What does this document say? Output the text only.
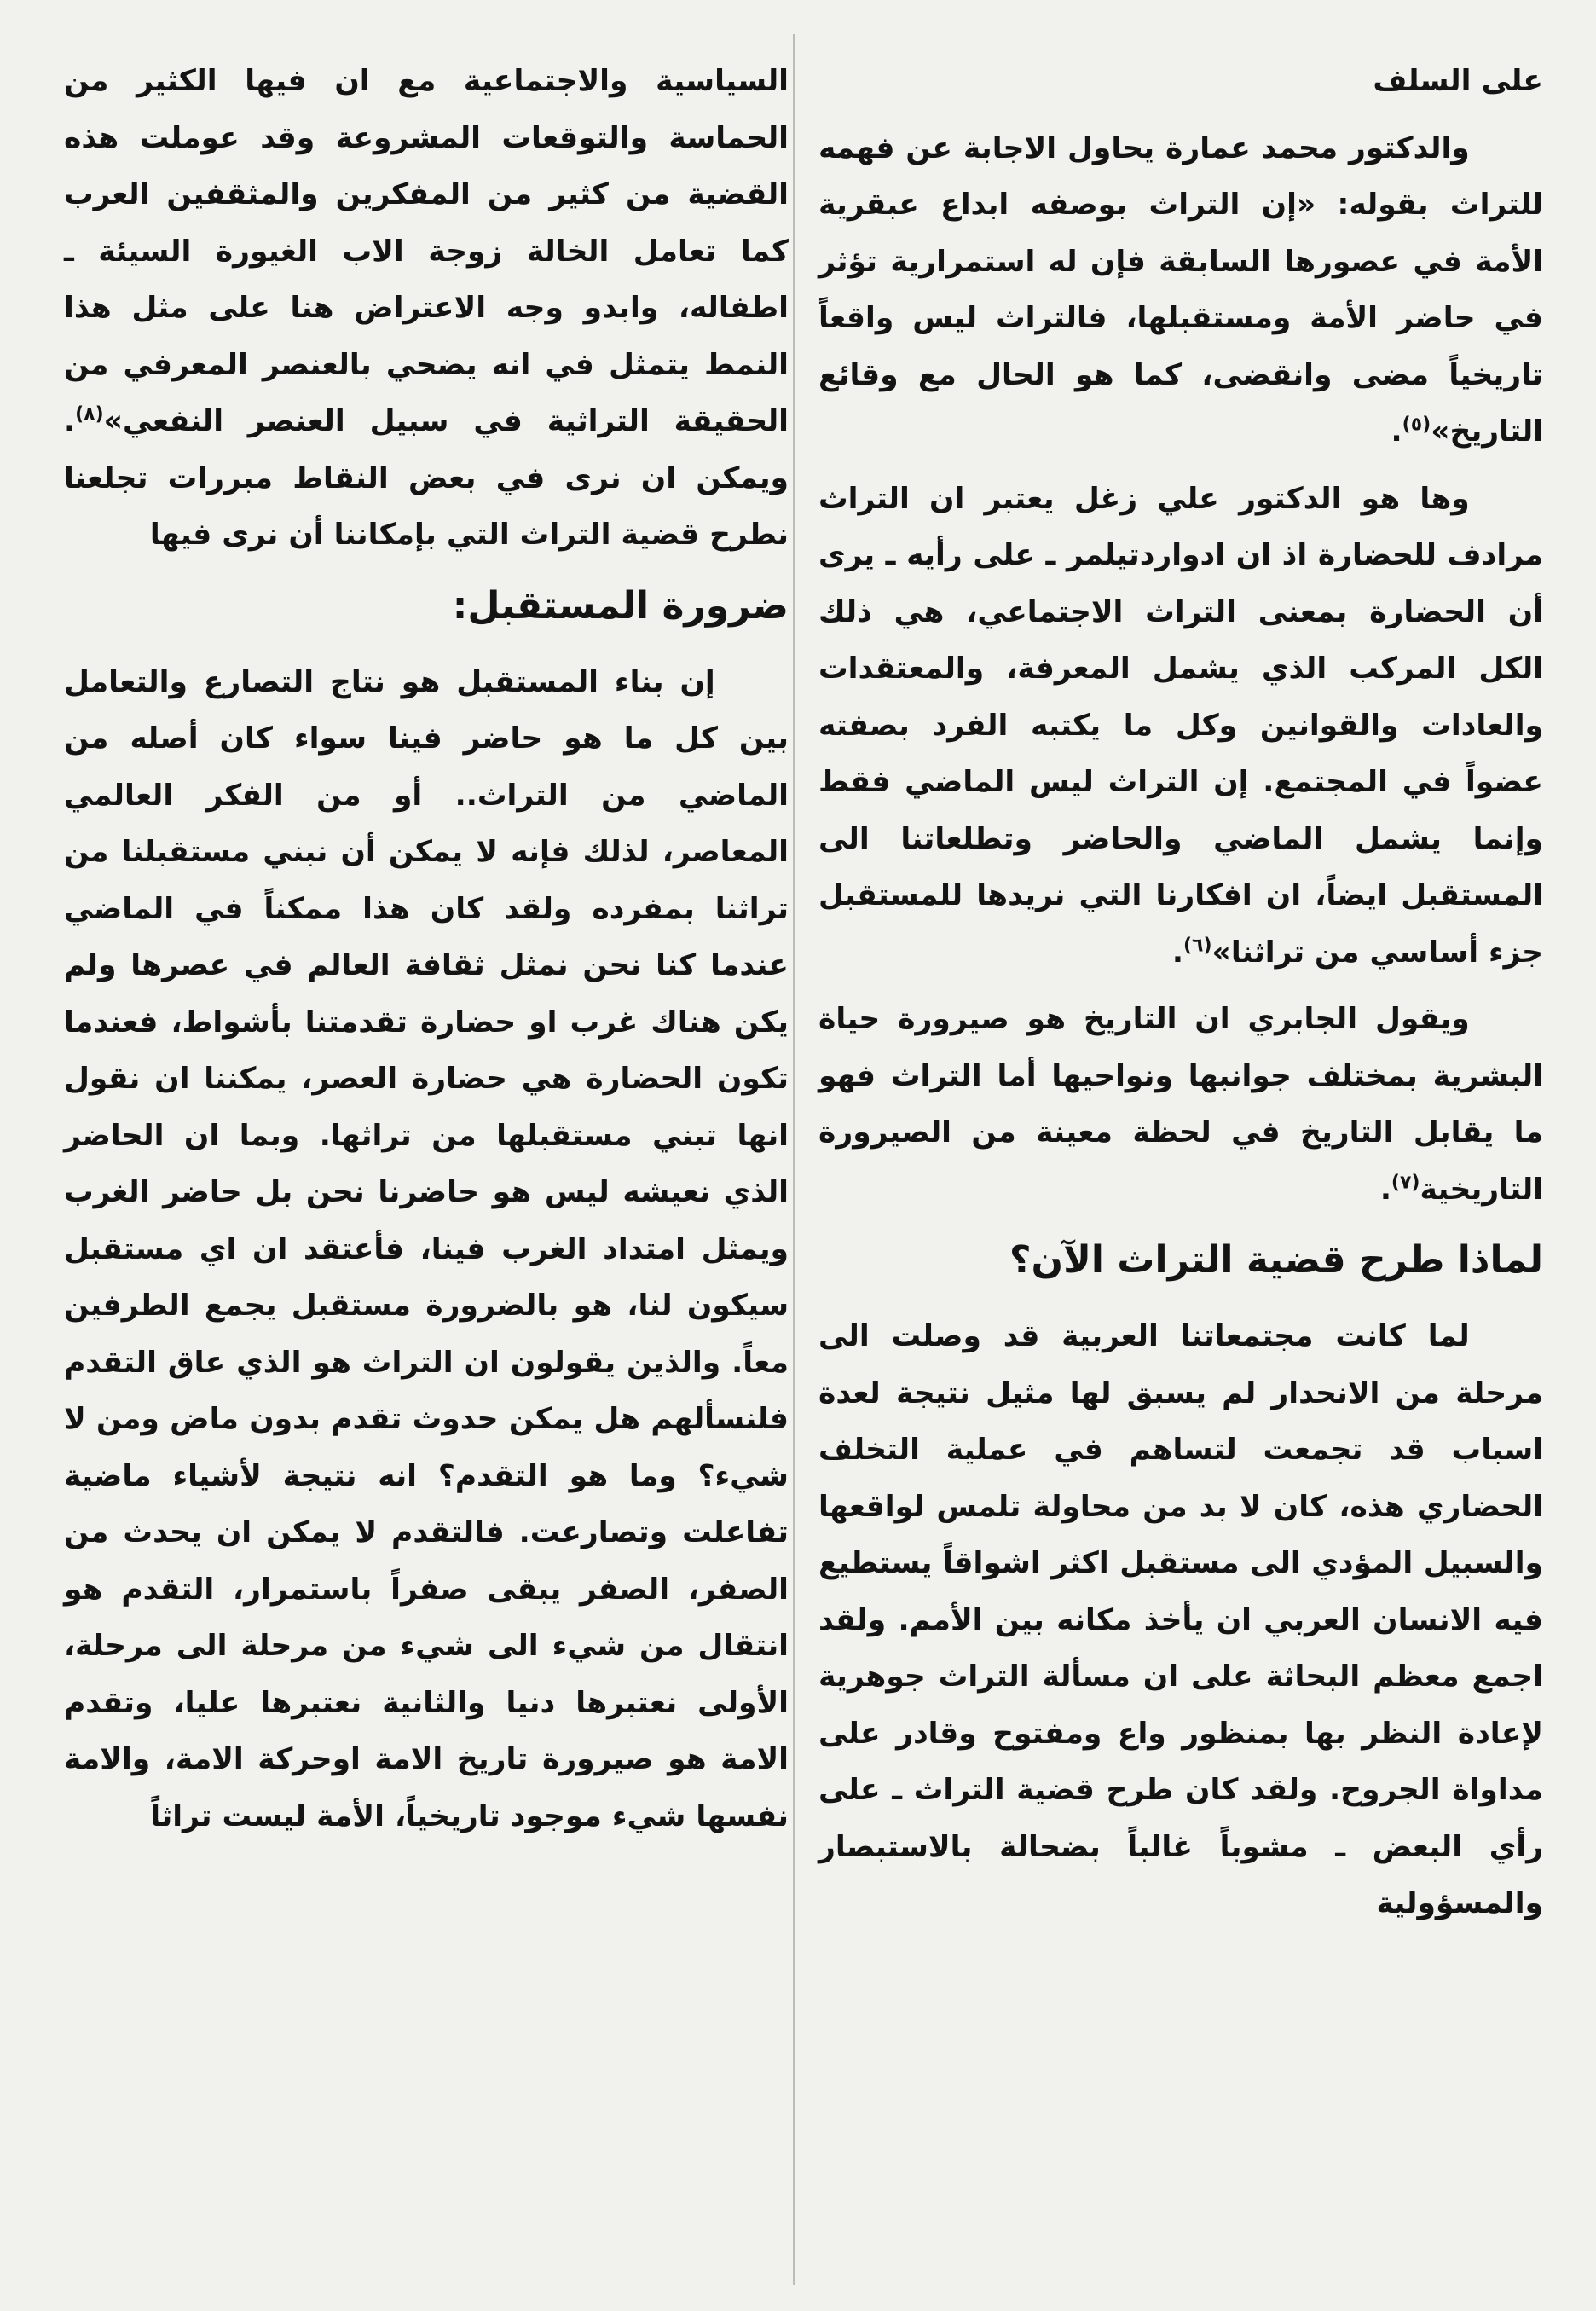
على السلف

والدكتور محمد عمارة يحاول الاجابة عن فهمه للتراث بقوله: «إن التراث بوصفه ابداع عبقرية الأمة في عصورها السابقة فإن له استمرارية تؤثر في حاضر الأمة ومستقبلها، فالتراث ليس واقعاً تاريخياً مضى وانقضى، كما هو الحال مع وقائع التاريخ»$^{(٥)}$.

وها هو الدكتور علي زغل يعتبر ان التراث مرادف للحضارة اذ ان ادواردتيلمر ـ على رأيه ـ يرى أن الحضارة بمعنى التراث الاجتماعي، هي ذلك الكل المركب الذي يشمل المعرفة، والمعتقدات والعادات والقوانين وكل ما يكتبه الفرد بصفته عضواً في المجتمع. إن التراث ليس الماضي فقط وإنما يشمل الماضي والحاضر وتطلعاتنا الى المستقبل ايضاً، ان افكارنا التي نريدها للمستقبل جزء أساسي من تراثنا»$^{(٦)}$.

ويقول الجابري ان التاريخ هو صيرورة حياة البشرية بمختلف جوانبها ونواحيها أما التراث فهو ما يقابل التاريخ في لحظة معينة من الصيرورة التاريخية$^{(٧)}$.

لماذا طرح قضية التراث الآن؟

لما كانت مجتمعاتنا العربية قد وصلت الى مرحلة من الانحدار لم يسبق لها مثيل نتيجة لعدة اسباب قد تجمعت لتساهم في عملية التخلف الحضاري هذه، كان لا بد من محاولة تلمس لواقعها والسبيل المؤدي الى مستقبل اكثر اشواقاً يستطيع فيه الانسان العربي ان يأخذ مكانه بين الأمم. ولقد اجمع معظم البحاثة على ان مسألة التراث جوهرية لإعادة النظر بها بمنظور واع ومفتوح وقادر على مداواة الجروح. ولقد كان طرح قضية التراث ـ على رأي البعض ـ مشوباً غالباً بضحالة بالاستبصار والمسؤولية

السياسية والاجتماعية مع ان فيها الكثير من الحماسة والتوقعات المشروعة وقد عوملت هذه القضية من كثير من المفكرين والمثقفين العرب كما تعامل الخالة زوجة الاب الغيورة السيئة ـ اطفاله، وابدو وجه الاعتراض هنا على مثل هذا النمط يتمثل في انه يضحي بالعنصر المعرفي من الحقيقة التراثية في سبيل العنصر النفعي»$^{(٨)}$. ويمكن ان نرى في بعض النقاط مبررات تجلعنا نطرح قضية التراث التي بإمكاننا أن نرى فيها

ضرورة المستقبل:

إن بناء المستقبل هو نتاج التصارع والتعامل بين كل ما هو حاضر فينا سواء كان أصله من الماضي من التراث.. أو من الفكر العالمي المعاصر، لذلك فإنه لا يمكن أن نبني مستقبلنا من تراثنا بمفرده ولقد كان هذا ممكناً في الماضي عندما كنا نحن نمثل ثقافة العالم في عصرها ولم يكن هناك غرب او حضارة تقدمتنا بأشواط، فعندما تكون الحضارة هي حضارة العصر، يمكننا ان نقول انها تبني مستقبلها من تراثها. وبما ان الحاضر الذي نعيشه ليس هو حاضرنا نحن بل حاضر الغرب ويمثل امتداد الغرب فينا، فأعتقد ان اي مستقبل سيكون لنا، هو بالضرورة مستقبل يجمع الطرفين معاً. والذين يقولون ان التراث هو الذي عاق التقدم فلنسألهم هل يمكن حدوث تقدم بدون ماض ومن لا شيء؟ وما هو التقدم؟ انه نتيجة لأشياء ماضية تفاعلت وتصارعت. فالتقدم لا يمكن ان يحدث من الصفر، الصفر يبقى صفراً باستمرار، التقدم هو انتقال من شيء الى شيء من مرحلة الى مرحلة، الأولى نعتبرها دنيا والثانية نعتبرها عليا، وتقدم الامة هو صيرورة تاريخ الامة اوحركة الامة، والامة نفسها شيء موجود تاريخياً، الأمة ليست تراثاً
